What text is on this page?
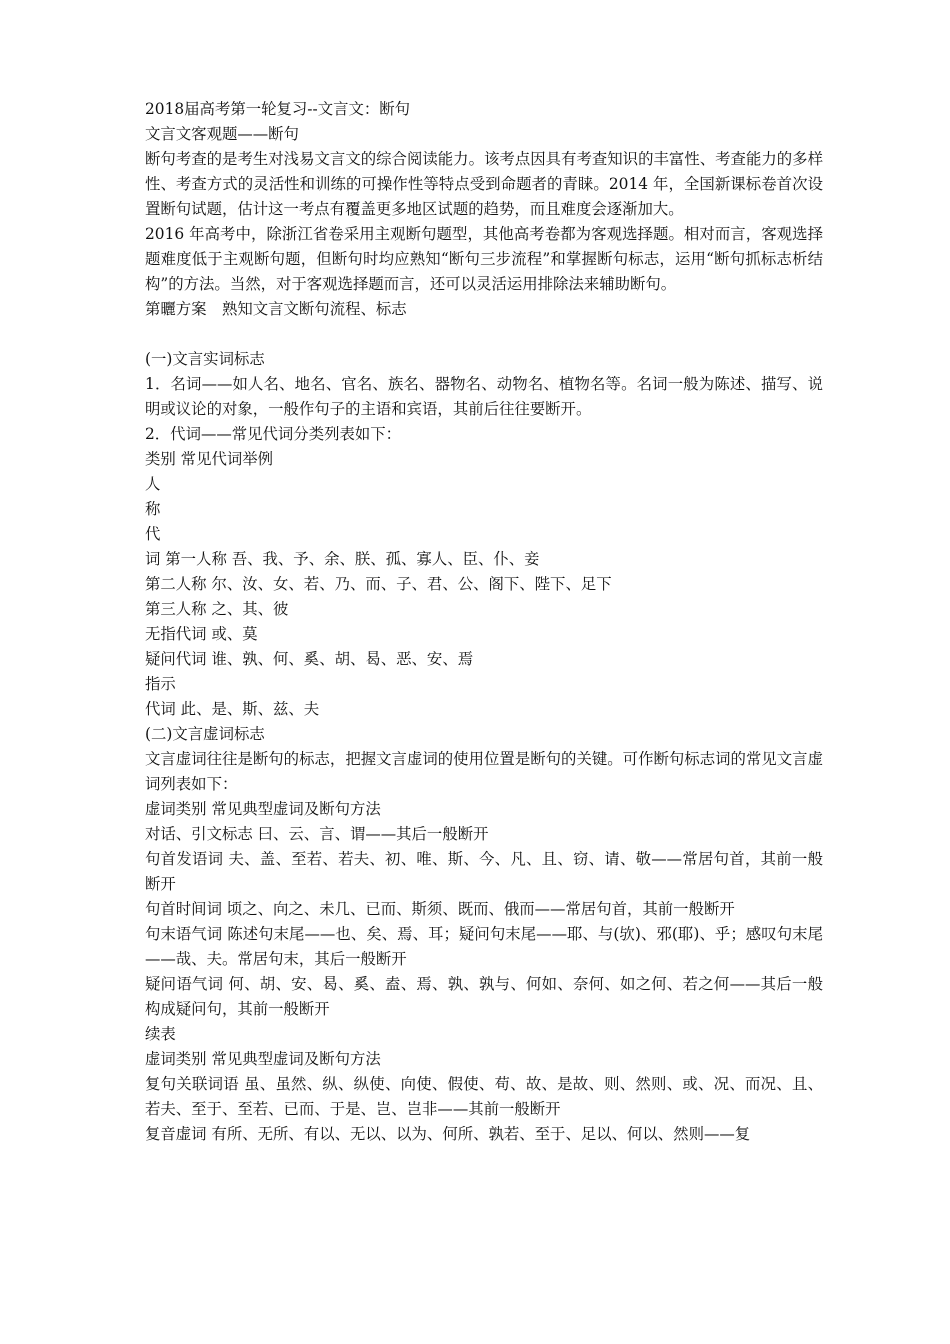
2018届高考第一轮复习--文言文：断句

文言文客观题——断句

断句考查的是考生对浅易文言文的综合阅读能力。该考点因具有考查知识的丰富性、考查能力的多样性、考查方式的灵活性和训练的可操作性等特点受到命题者的青睐。2014 年，全国新课标卷首次设置断句试题，估计这一考点有覆盖更多地区试题的趋势，而且难度会逐渐加大。

2016 年高考中，除浙江省卷采用主观断句题型，其他高考卷都为客观选择题。相对而言，客观选择题难度低于主观断句题，但断句时均应熟知“断句三步流程”和掌握断句标志，运用“断句抓标志析结构”的方法。当然，对于客观选择题而言，还可以灵活运用排除法来辅助断句。

第曬方案　熟知文言文断句流程、标志

(一)文言实词标志

1．名词——如人名、地名、官名、族名、器物名、动物名、植物名等。名词一般为陈述、描写、说明或议论的对象，一般作句子的主语和宾语，其前后往往要断开。

2．代词——常见代词分类列表如下：

类别 常见代词举例

人

称

代

词 第一人称 吾、我、予、余、朕、孤、寡人、臣、仆、妾

第二人称 尔、汝、女、若、乃、而、子、君、公、阁下、陛下、足下

第三人称 之、其、彼

无指代词 或、莫

疑问代词 谁、孰、何、奚、胡、曷、恶、安、焉

指示

代词 此、是、斯、兹、夫

(二)文言虚词标志

文言虚词往往是断句的标志，把握文言虚词的使用位置是断句的关键。可作断句标志词的常见文言虚词列表如下：

虚词类别 常见典型虚词及断句方法

对话、引文标志 曰、云、言、谓——其后一般断开

句首发语词 夫、盖、至若、若夫、初、唯、斯、今、凡、且、窃、请、敬——常居句首，其前一般断开

句首时间词 顷之、向之、未几、已而、斯须、既而、俄而——常居句首，其前一般断开

句末语气词 陈述句末尾——也、矣、焉、耳；疑问句末尾——耶、与(欤)、邪(耶)、乎；感叹句末尾——哉、夫。常居句末，其后一般断开

疑问语气词 何、胡、安、曷、奚、盍、焉、孰、孰与、何如、奈何、如之何、若之何——其后一般构成疑问句，其前一般断开

续表

虚词类别 常见典型虚词及断句方法

复句关联词语 虽、虽然、纵、纵使、向使、假使、苟、故、是故、则、然则、或、况、而况、且、若夫、至于、至若、已而、于是、岂、岂非——其前一般断开

复音虚词 有所、无所、有以、无以、以为、何所、孰若、至于、足以、何以、然则——复
